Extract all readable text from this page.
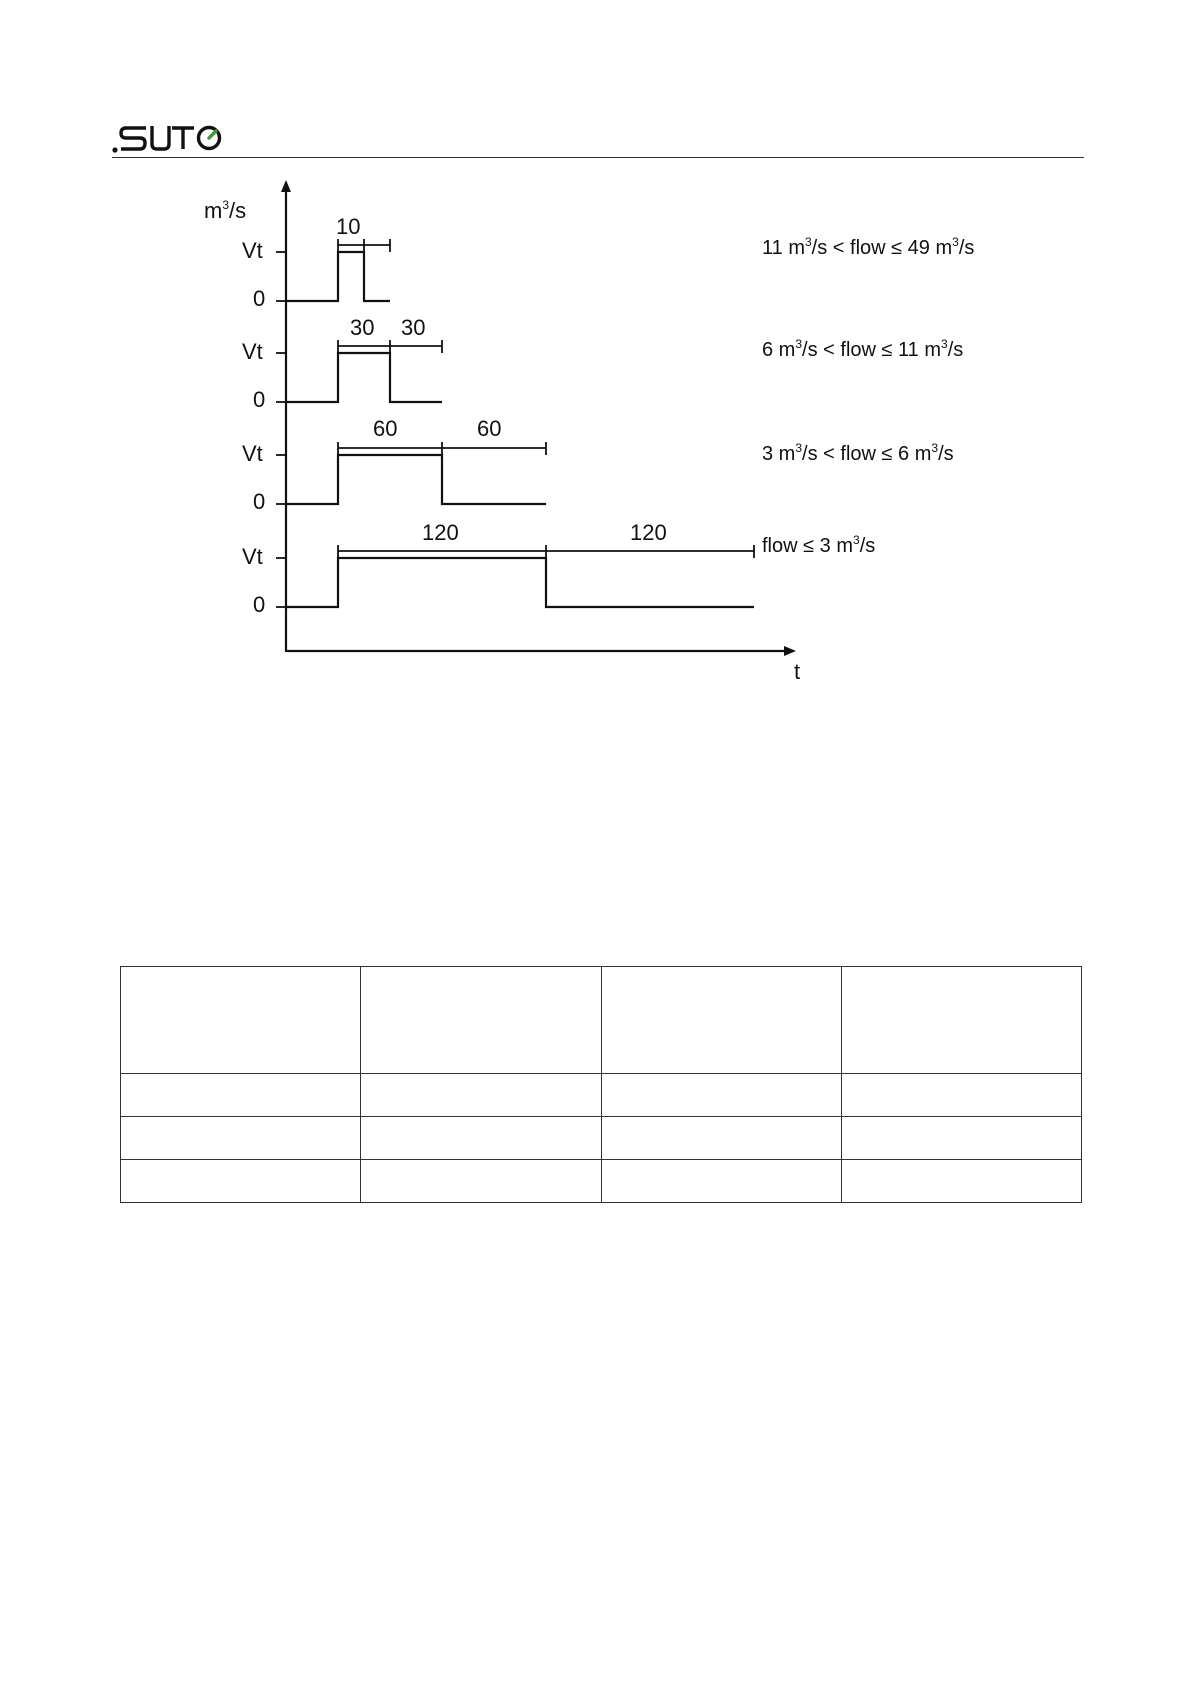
$m^3/s$
t
Vt
0
10
11 $m^3/s$ < flow ≤ 49 $m^3/s$
Vt
0
30 30
6 $m^3/s$ < flow ≤ 11 $m^3/s$
Vt
0
60	60
3 $m^3/s$ < flow ≤ 6 $m^3/s$
Vt
0
120	120
flow ≤ 3 $m^3/s$
